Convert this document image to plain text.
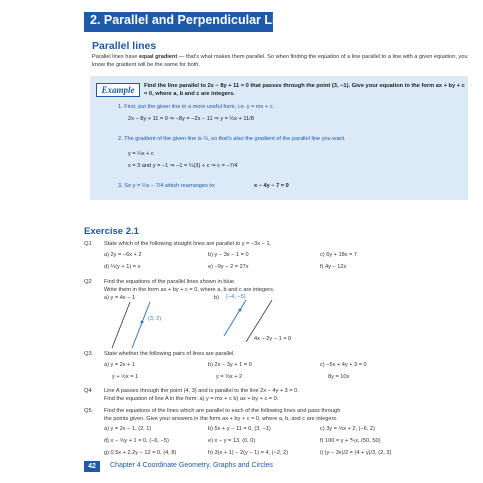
2. Parallel and Perpendicular Lines
Parallel lines
Parallel lines have equal gradient — that's what makes them parallel. So when finding the equation of a line parallel to a line with a given equation, you know the gradient will be the same for both.
Example	Find the line parallel to 2x − 8y + 11 = 0 that passes through the point (3, −1). Give your equation in the form ax + by + c = 0, where a, b and c are integers.
1. First, put the given line in a more useful form, i.e. y = mx + c.
2x − 8y + 11 = 0 ⇒ −8y = −2x − 11 ⇒ y = ¼x + 11/8
2. The gradient of the given line is ¼, so that's also the gradient of the parallel line you want.
y = ¼x + c
x = 3 and y = −1 ⇒ −1 = ¼(3) + c ⇒ c = −7/4
3. So y = ¼x − 7/4 which rearranges to:	x − 4y − 7 = 0
Exercise 2.1
Q1 State which of the following straight lines are parallel to y = −3x − 1.
a) 2y = −6x + 2	b) y − 3x − 1 = 0	c) 6y + 18x = 7
d) ⅓(y + 1) = x	e) −9y − 2 = 27x	f) 4y − 12x
Q2 Find the equations of the parallel lines shown in blue.
Write them in the form ax + by + c = 0, where a, b and c are integers.
a) y = 4x − 1	b)
(3, 2)
(−4, −5)
4x − 2y − 1 = 0
Q3 State whether the following pairs of lines are parallel.
a) y = 2x + 1	b) 2x − 3y + 1 = 0	c) −5x + 4y + 3 = 0
y + ½x = 1	y = ⅔x + 2	8y = 10x
Q4 Line A passes through the point (4, 3) and is parallel to the line 2x − 4y + 3 = 0.
Find the equation of line A in the form: a) y = mx + c b) ax + by + c = 0.
Q5 Find the equations of the lines which are parallel to each of the following lines and pass through
the points given. Give your answers in the form ax + by + c = 0, where a, b, and c are integers.
a) y = 2x − 1, (2, 1)	b) 5x + y − 11 = 0, (3, −1)	c) 3y = ⅓x + 2, (−6, 2)
d) x − ⅔y + 1 = 0, (−6, −5)	e) x − y = 13, (0, 0)	f) 100 = y + ⅗x, (50, 50)
g) 0.5x + 2.2y − 12 = 0, (4, 8)	h) 3(x + 1) − 2(y − 1) = 4, (−2, 2)	i) (y − 3x)/2 = (4 + y)/3, (2, 3)
42	Chapter 4 Coordinate Geometry, Graphs and Circles
